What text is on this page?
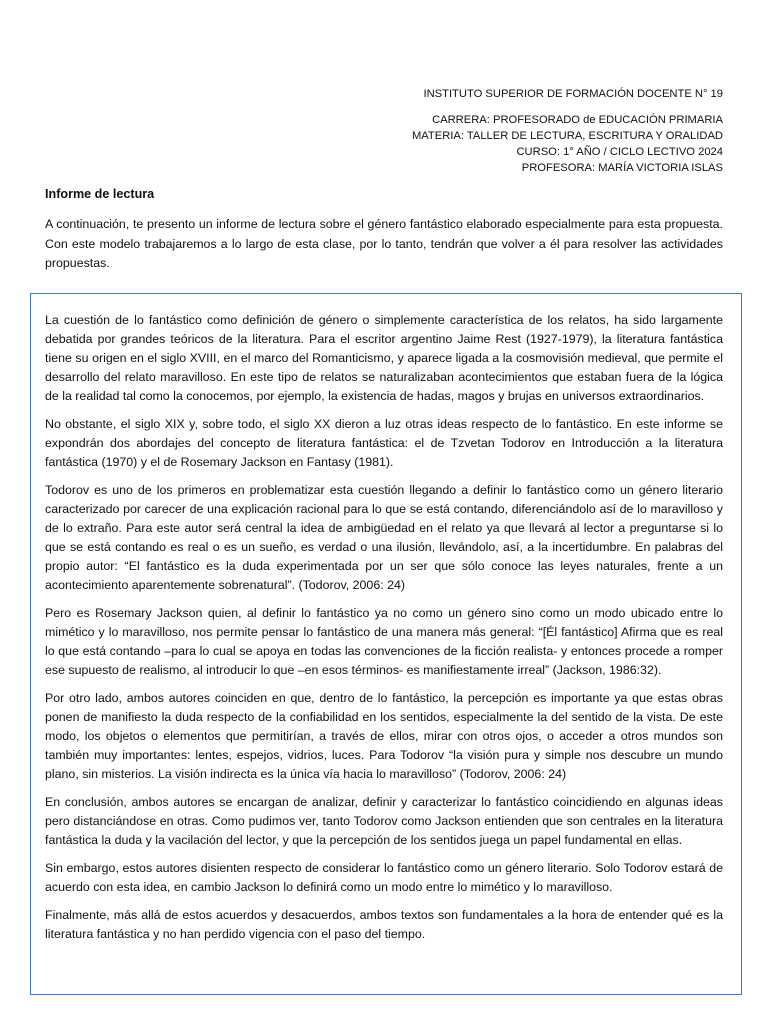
INSTITUTO SUPERIOR DE FORMACIÓN DOCENTE N° 19
CARRERA: PROFESORADO de EDUCACIÓN PRIMARIA
MATERIA: TALLER DE LECTURA, ESCRITURA Y ORALIDAD
CURSO: 1° AÑO / CICLO LECTIVO 2024
PROFESORA: MARÍA VICTORIA ISLAS
Informe de lectura

A continuación, te presento un informe de lectura sobre el género fantástico elaborado especialmente para esta propuesta. Con este modelo trabajaremos a lo largo de esta clase, por lo tanto, tendrán que volver a él para resolver las actividades propuestas.

La cuestión de lo fantástico como definición de género o simplemente característica de los relatos, ha sido largamente debatida por grandes teóricos de la literatura. Para el escritor argentino Jaime Rest (1927-1979), la literatura fantástica tiene su origen en el siglo XVIII, en el marco del Romanticismo, y aparece ligada a la cosmovisión medieval, que permite el desarrollo del relato maravilloso. En este tipo de relatos se naturalizaban acontecimientos que estaban fuera de la lógica de la realidad tal como la conocemos, por ejemplo, la existencia de hadas, magos y brujas en universos extraordinarios.

No obstante, el siglo XIX y, sobre todo, el siglo XX dieron a luz otras ideas respecto de lo fantástico. En este informe se expondrán dos abordajes del concepto de literatura fantástica: el de Tzvetan Todorov en Introducción a la literatura fantástica (1970) y el de Rosemary Jackson en Fantasy (1981).

Todorov es uno de los primeros en problematizar esta cuestión llegando a definir lo fantástico como un género literario caracterizado por carecer de una explicación racional para lo que se está contando, diferenciándolo así de lo maravilloso y de lo extraño. Para este autor será central la idea de ambigüedad en el relato ya que llevará al lector a preguntarse si lo que se está contando es real o es un sueño, es verdad o una ilusión, llevándolo, así, a la incertidumbre. En palabras del propio autor: “El fantástico es la duda experimentada por un ser que sólo conoce las leyes naturales, frente a un acontecimiento aparentemente sobrenatural”. (Todorov, 2006: 24)

Pero es Rosemary Jackson quien, al definir lo fantástico ya no como un género sino como un modo ubicado entre lo mimético y lo maravilloso, nos permite pensar lo fantástico de una manera más general: “[Él fantástico] Afirma que es real lo que está contando –para lo cual se apoya en todas las convenciones de la ficción realista- y entonces procede a romper ese supuesto de realismo, al introducir lo que –en esos términos- es manifiestamente irreal” (Jackson, 1986:32).

Por otro lado, ambos autores coinciden en que, dentro de lo fantástico, la percepción es importante ya que estas obras ponen de manifiesto la duda respecto de la confiabilidad en los sentidos, especialmente la del sentido de la vista. De este modo, los objetos o elementos que permitirían, a través de ellos, mirar con otros ojos, o acceder a otros mundos son también muy importantes: lentes, espejos, vidrios, luces. Para Todorov “la visión pura y simple nos descubre un mundo plano, sin misterios. La visión indirecta es la única vía hacia lo maravilloso” (Todorov, 2006: 24)

En conclusión, ambos autores se encargan de analizar, definir y caracterizar lo fantástico coincidiendo en algunas ideas pero distanciándose en otras. Como pudimos ver, tanto Todorov como Jackson entienden que son centrales en la literatura fantástica la duda y la vacilación del lector, y que la percepción de los sentidos juega un papel fundamental en ellas.

Sin embargo, estos autores disienten respecto de considerar lo fantástico como un género literario. Solo Todorov estará de acuerdo con esta idea, en cambio Jackson lo definirá como un modo entre lo mimético y lo maravilloso.

Finalmente, más allá de estos acuerdos y desacuerdos, ambos textos son fundamentales a la hora de entender qué es la literatura fantástica y no han perdido vigencia con el paso del tiempo.
